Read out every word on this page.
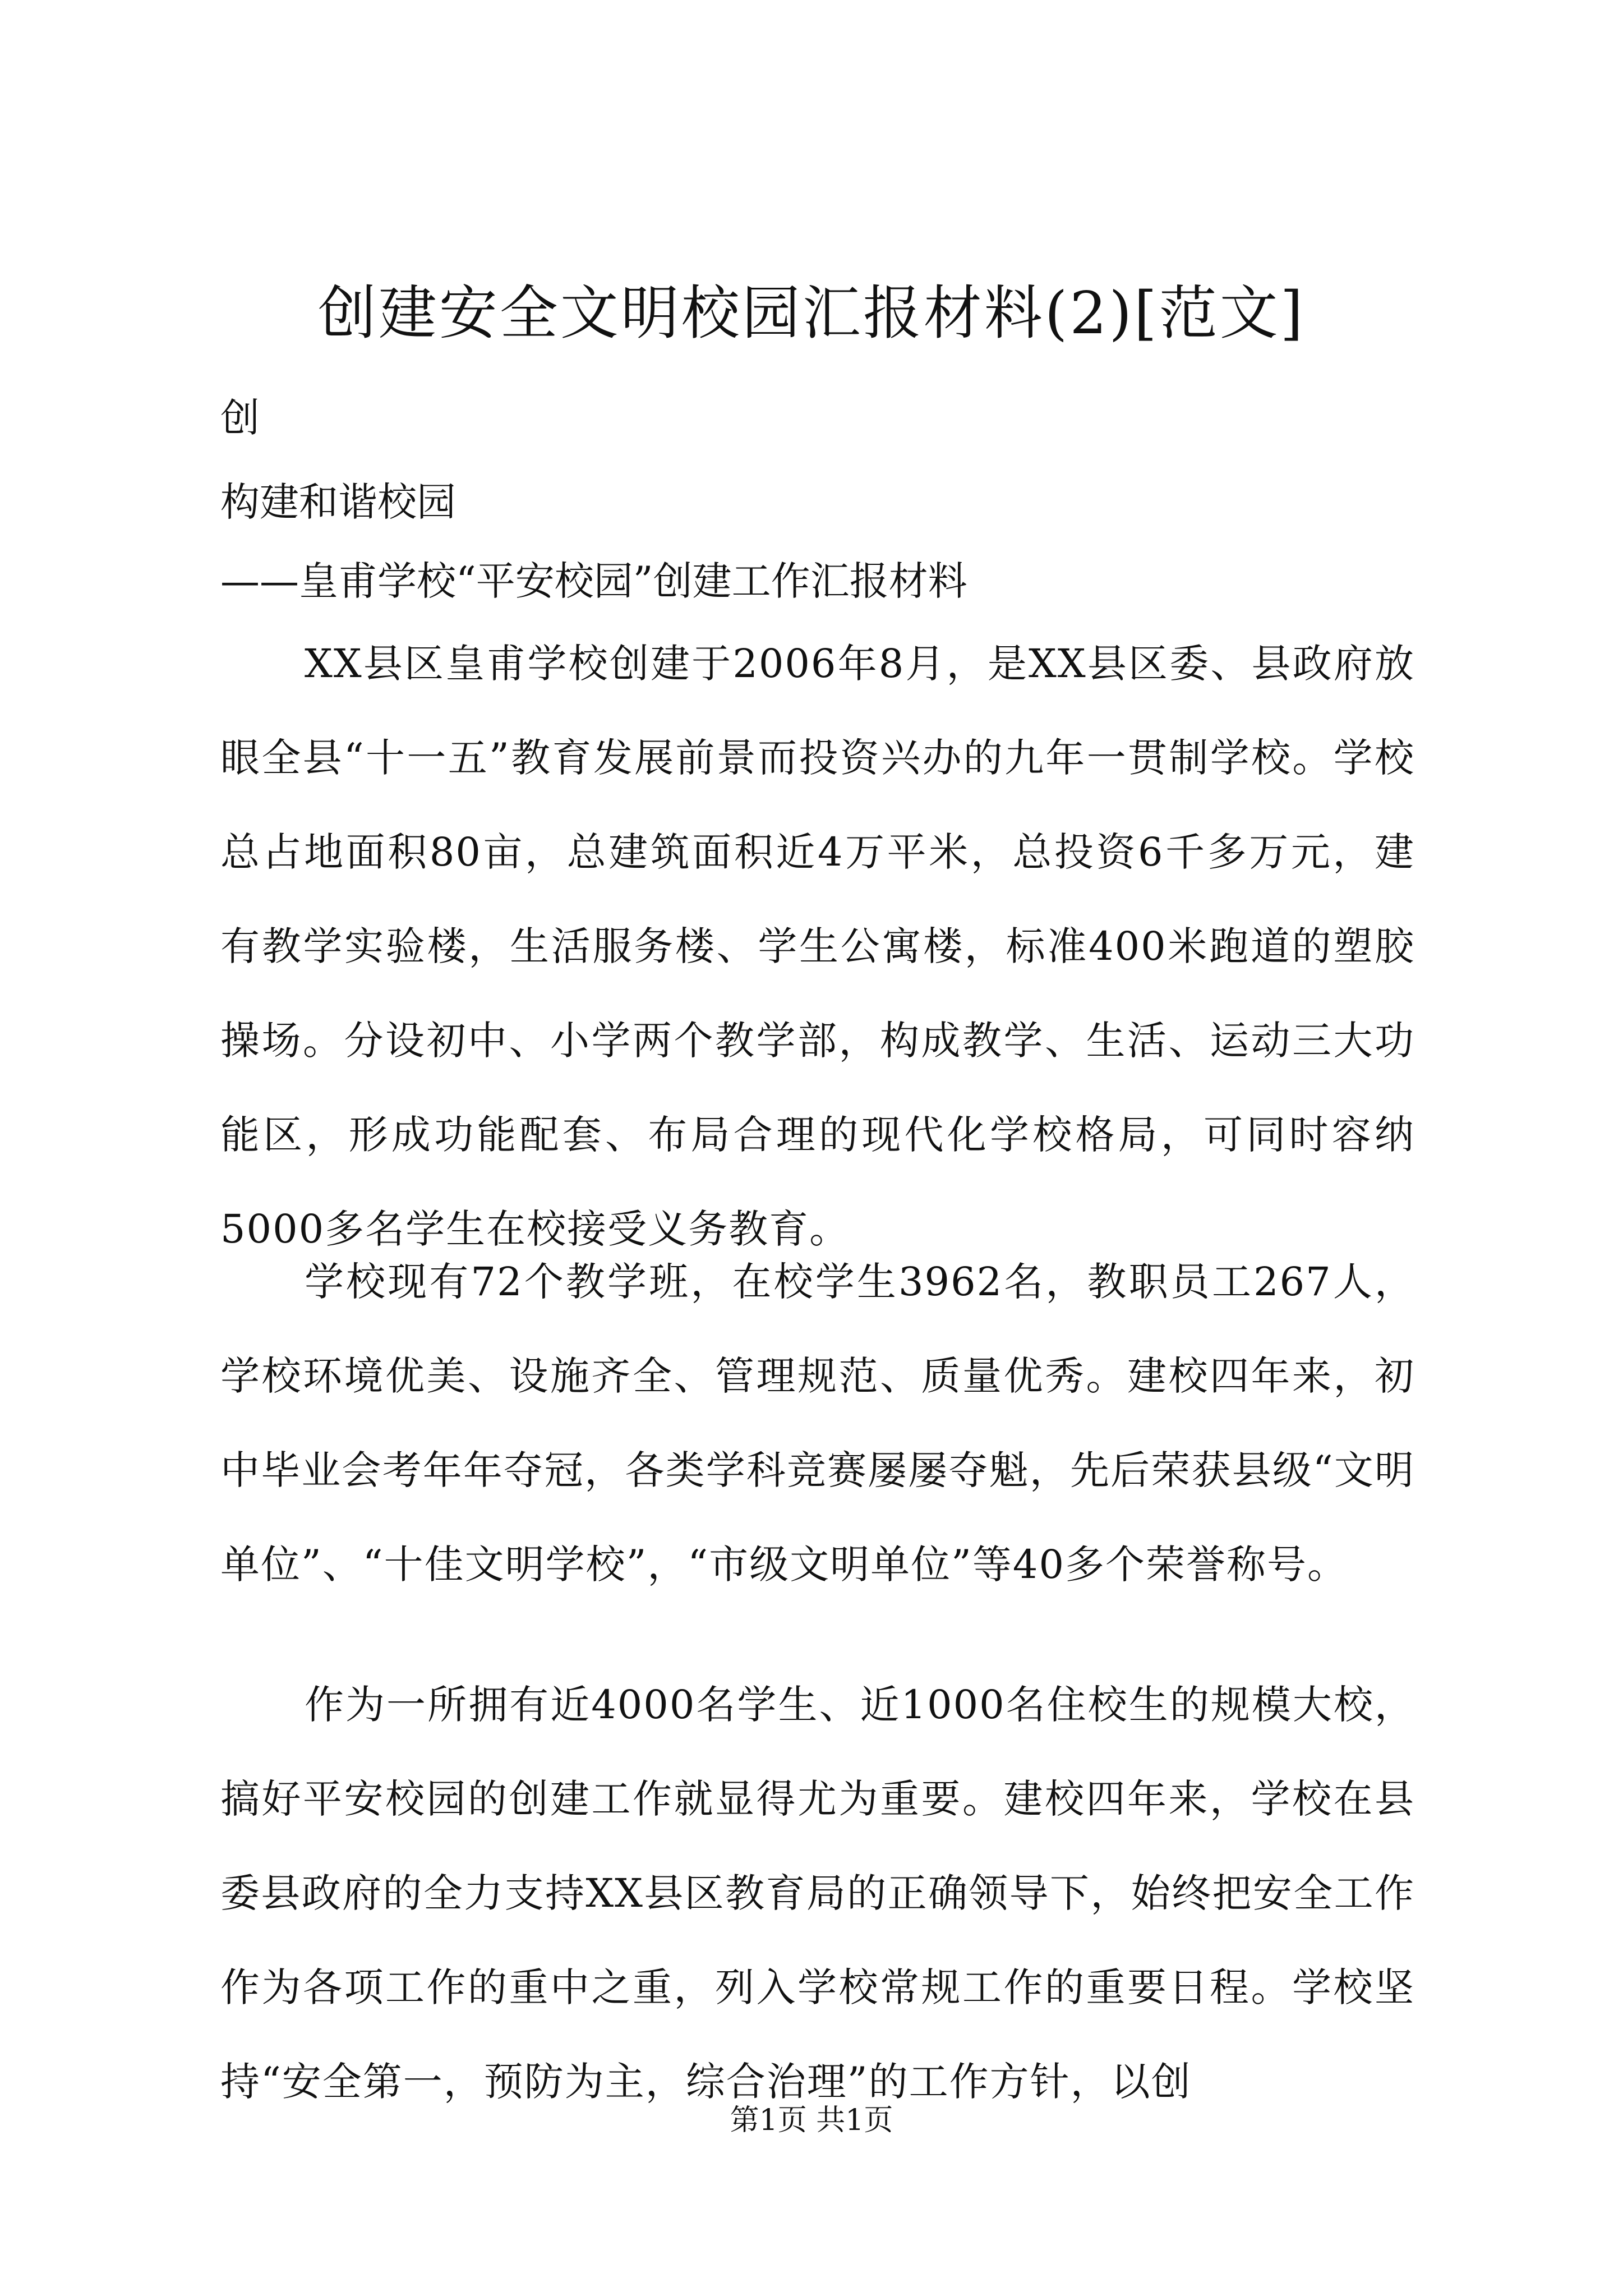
创建安全文明校园汇报材料(2)[范文]

创

构建和谐校园

——皇甫学校“平安校园”创建工作汇报材料

XX县区皇甫学校创建于2006年8月，是XX县区委、县政府放眼全县“十一五”教育发展前景而投资兴办的九年一贯制学校。学校总占地面积80亩，总建筑面积近4万平米，总投资6千多万元，建有教学实验楼，生活服务楼、学生公寓楼，标准400米跑道的塑胶操场。分设初中、小学两个教学部，构成教学、生活、运动三大功能区，形成功能配套、布局合理的现代化学校格局，可同时容纳5000多名学生在校接受义务教育。

学校现有72个教学班，在校学生3962名，教职员工267人，学校环境优美、设施齐全、管理规范、质量优秀。建校四年来，初中毕业会考年年夺冠，各类学科竞赛屡屡夺魁，先后荣获县级“文明单位”、“十佳文明学校”，“市级文明单位”等40多个荣誉称号。

作为一所拥有近4000名学生、近1000名住校生的规模大校，搞好平安校园的创建工作就显得尤为重要。建校四年来，学校在县委县政府的全力支持XX县区教育局的正确领导下，始终把安全工作作为各项工作的重中之重，列入学校常规工作的重要日程。学校坚持“安全第一，预防为主，综合治理”的工作方针，以创

第1页 共1页
